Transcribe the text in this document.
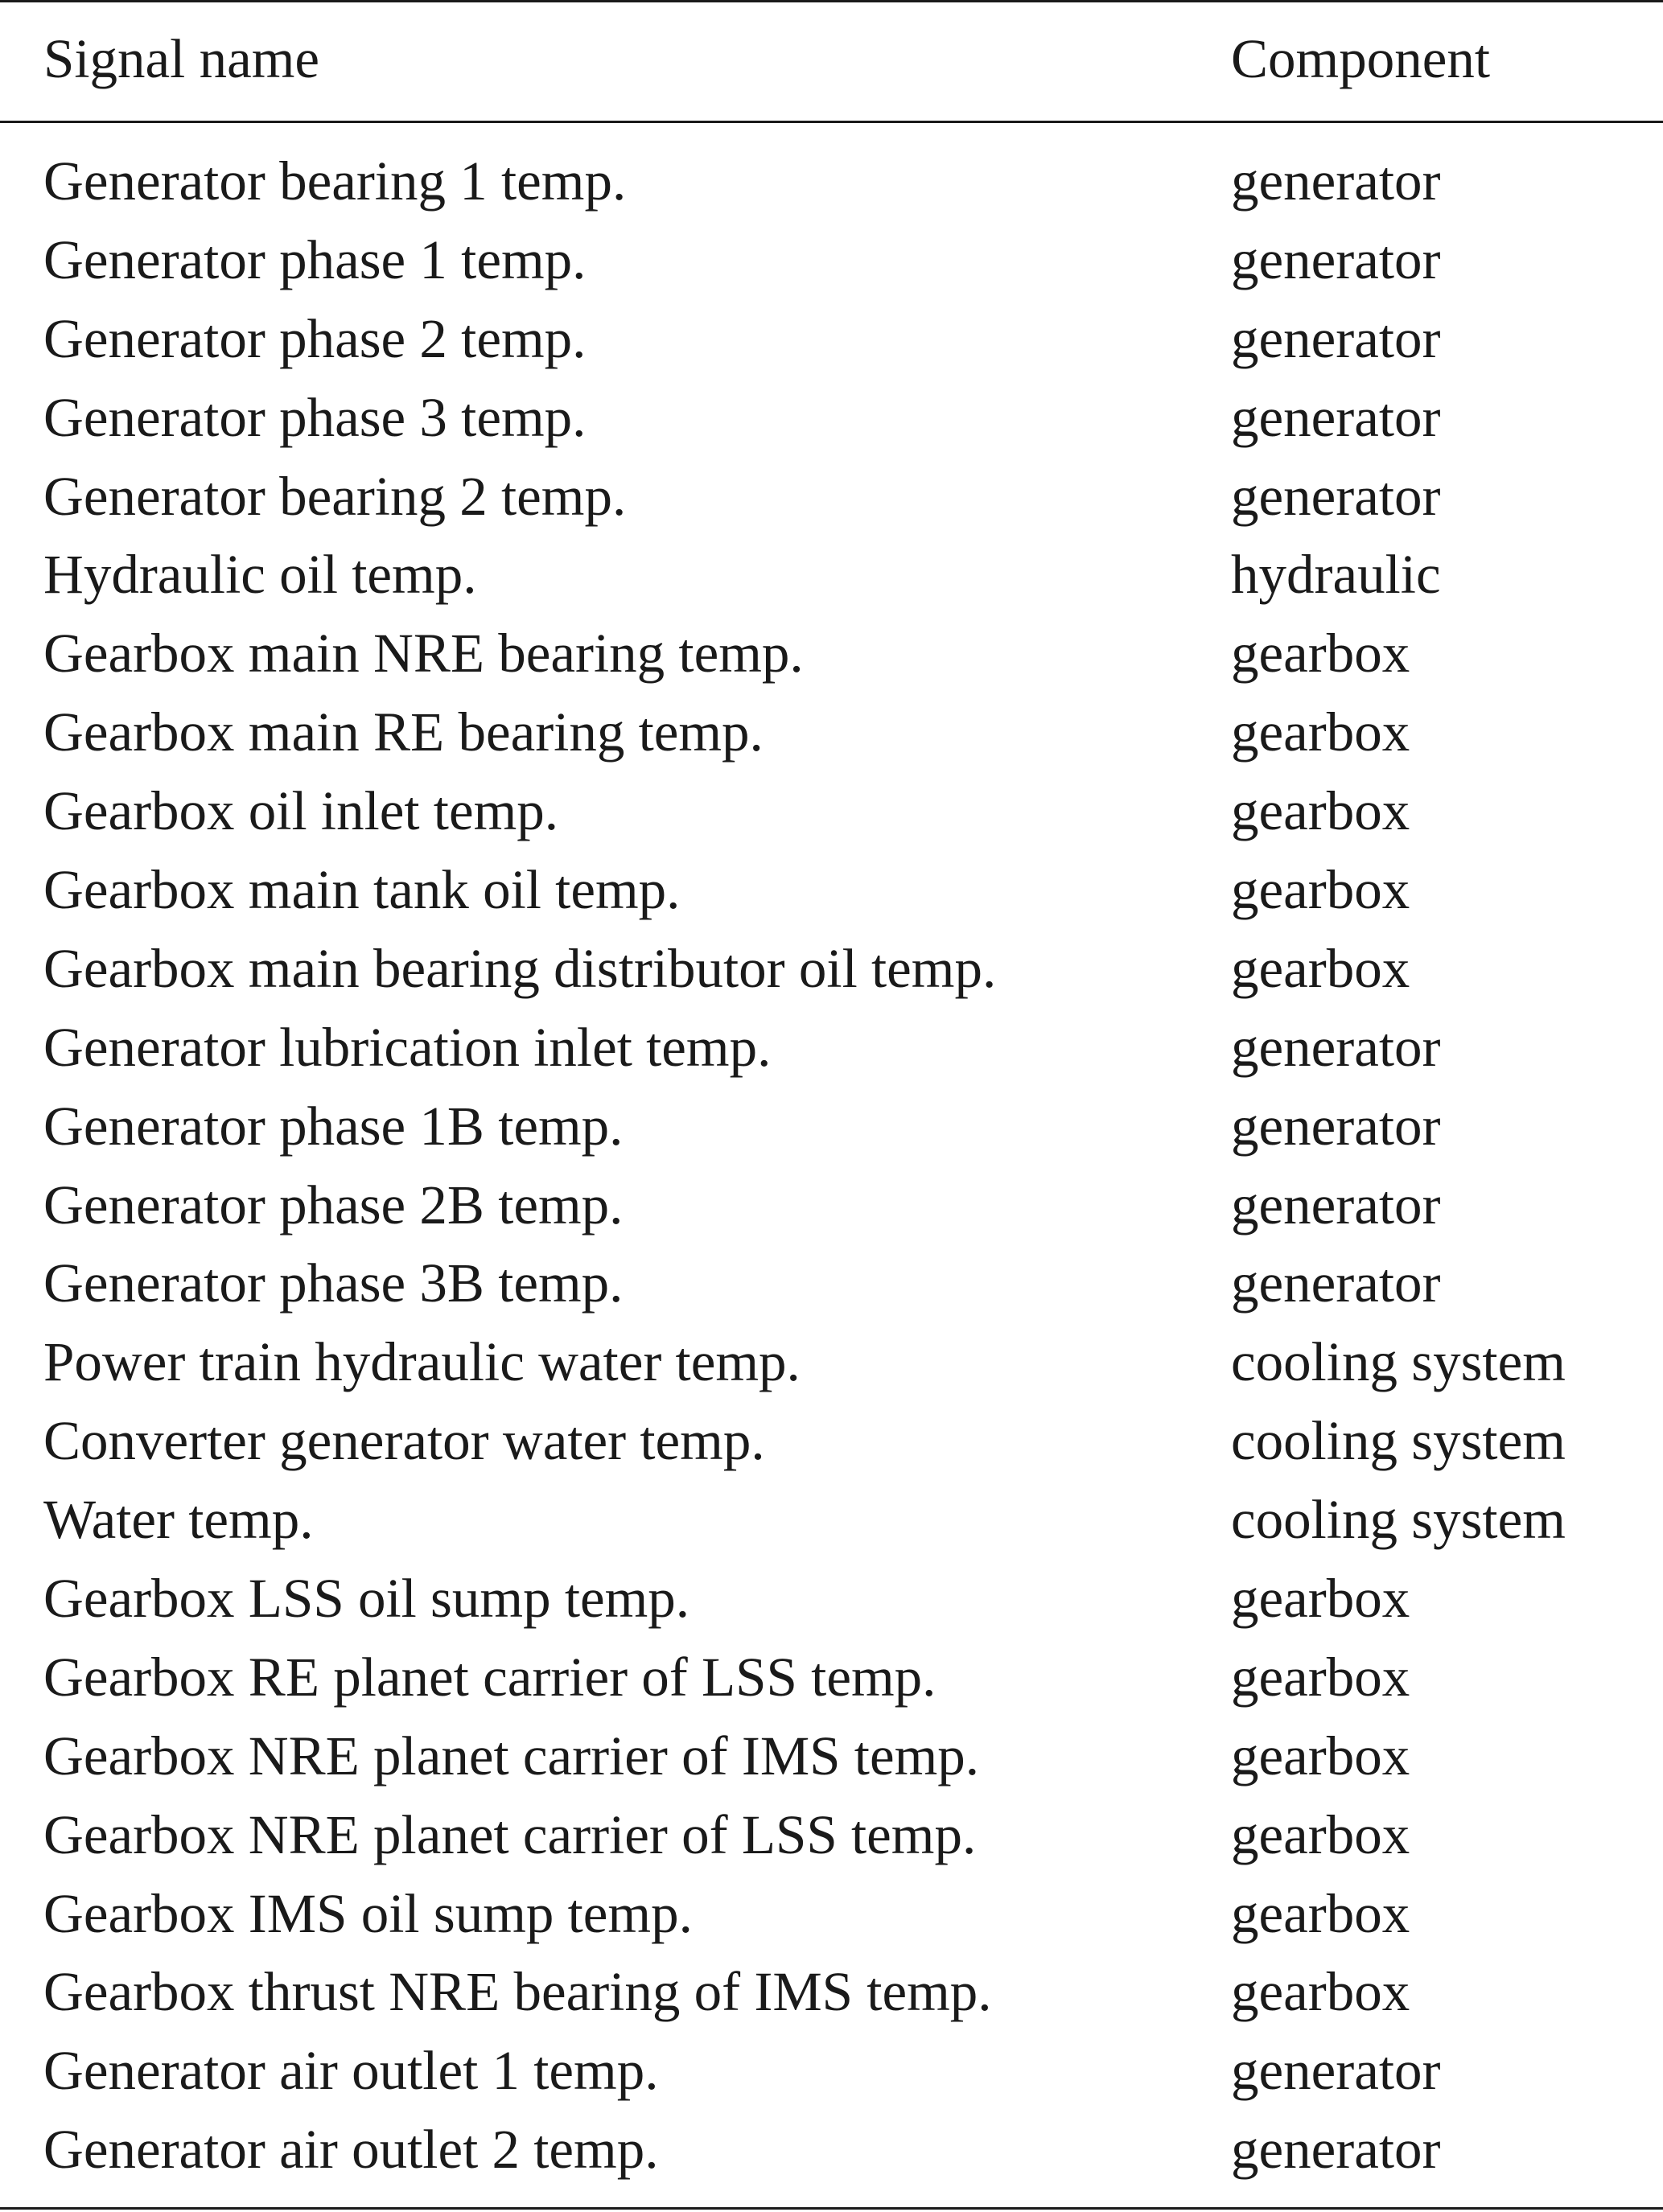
Signal name	Component
Generator bearing 1 temp.	generator
Generator phase 1 temp.	generator
Generator phase 2 temp.	generator
Generator phase 3 temp.	generator
Generator bearing 2 temp.	generator
Hydraulic oil temp.	hydraulic
Gearbox main NRE bearing temp.	gearbox
Gearbox main RE bearing temp.	gearbox
Gearbox oil inlet temp.	gearbox
Gearbox main tank oil temp.	gearbox
Gearbox main bearing distributor oil temp.	gearbox
Generator lubrication inlet temp.	generator
Generator phase 1B temp.	generator
Generator phase 2B temp.	generator
Generator phase 3B temp.	generator
Power train hydraulic water temp.	cooling system
Converter generator water temp.	cooling system
Water temp.	cooling system
Gearbox LSS oil sump temp.	gearbox
Gearbox RE planet carrier of LSS temp.	gearbox
Gearbox NRE planet carrier of IMS temp.	gearbox
Gearbox NRE planet carrier of LSS temp.	gearbox
Gearbox IMS oil sump temp.	gearbox
Gearbox thrust NRE bearing of IMS temp.	gearbox
Generator air outlet 1 temp.	generator
Generator air outlet 2 temp.	generator
